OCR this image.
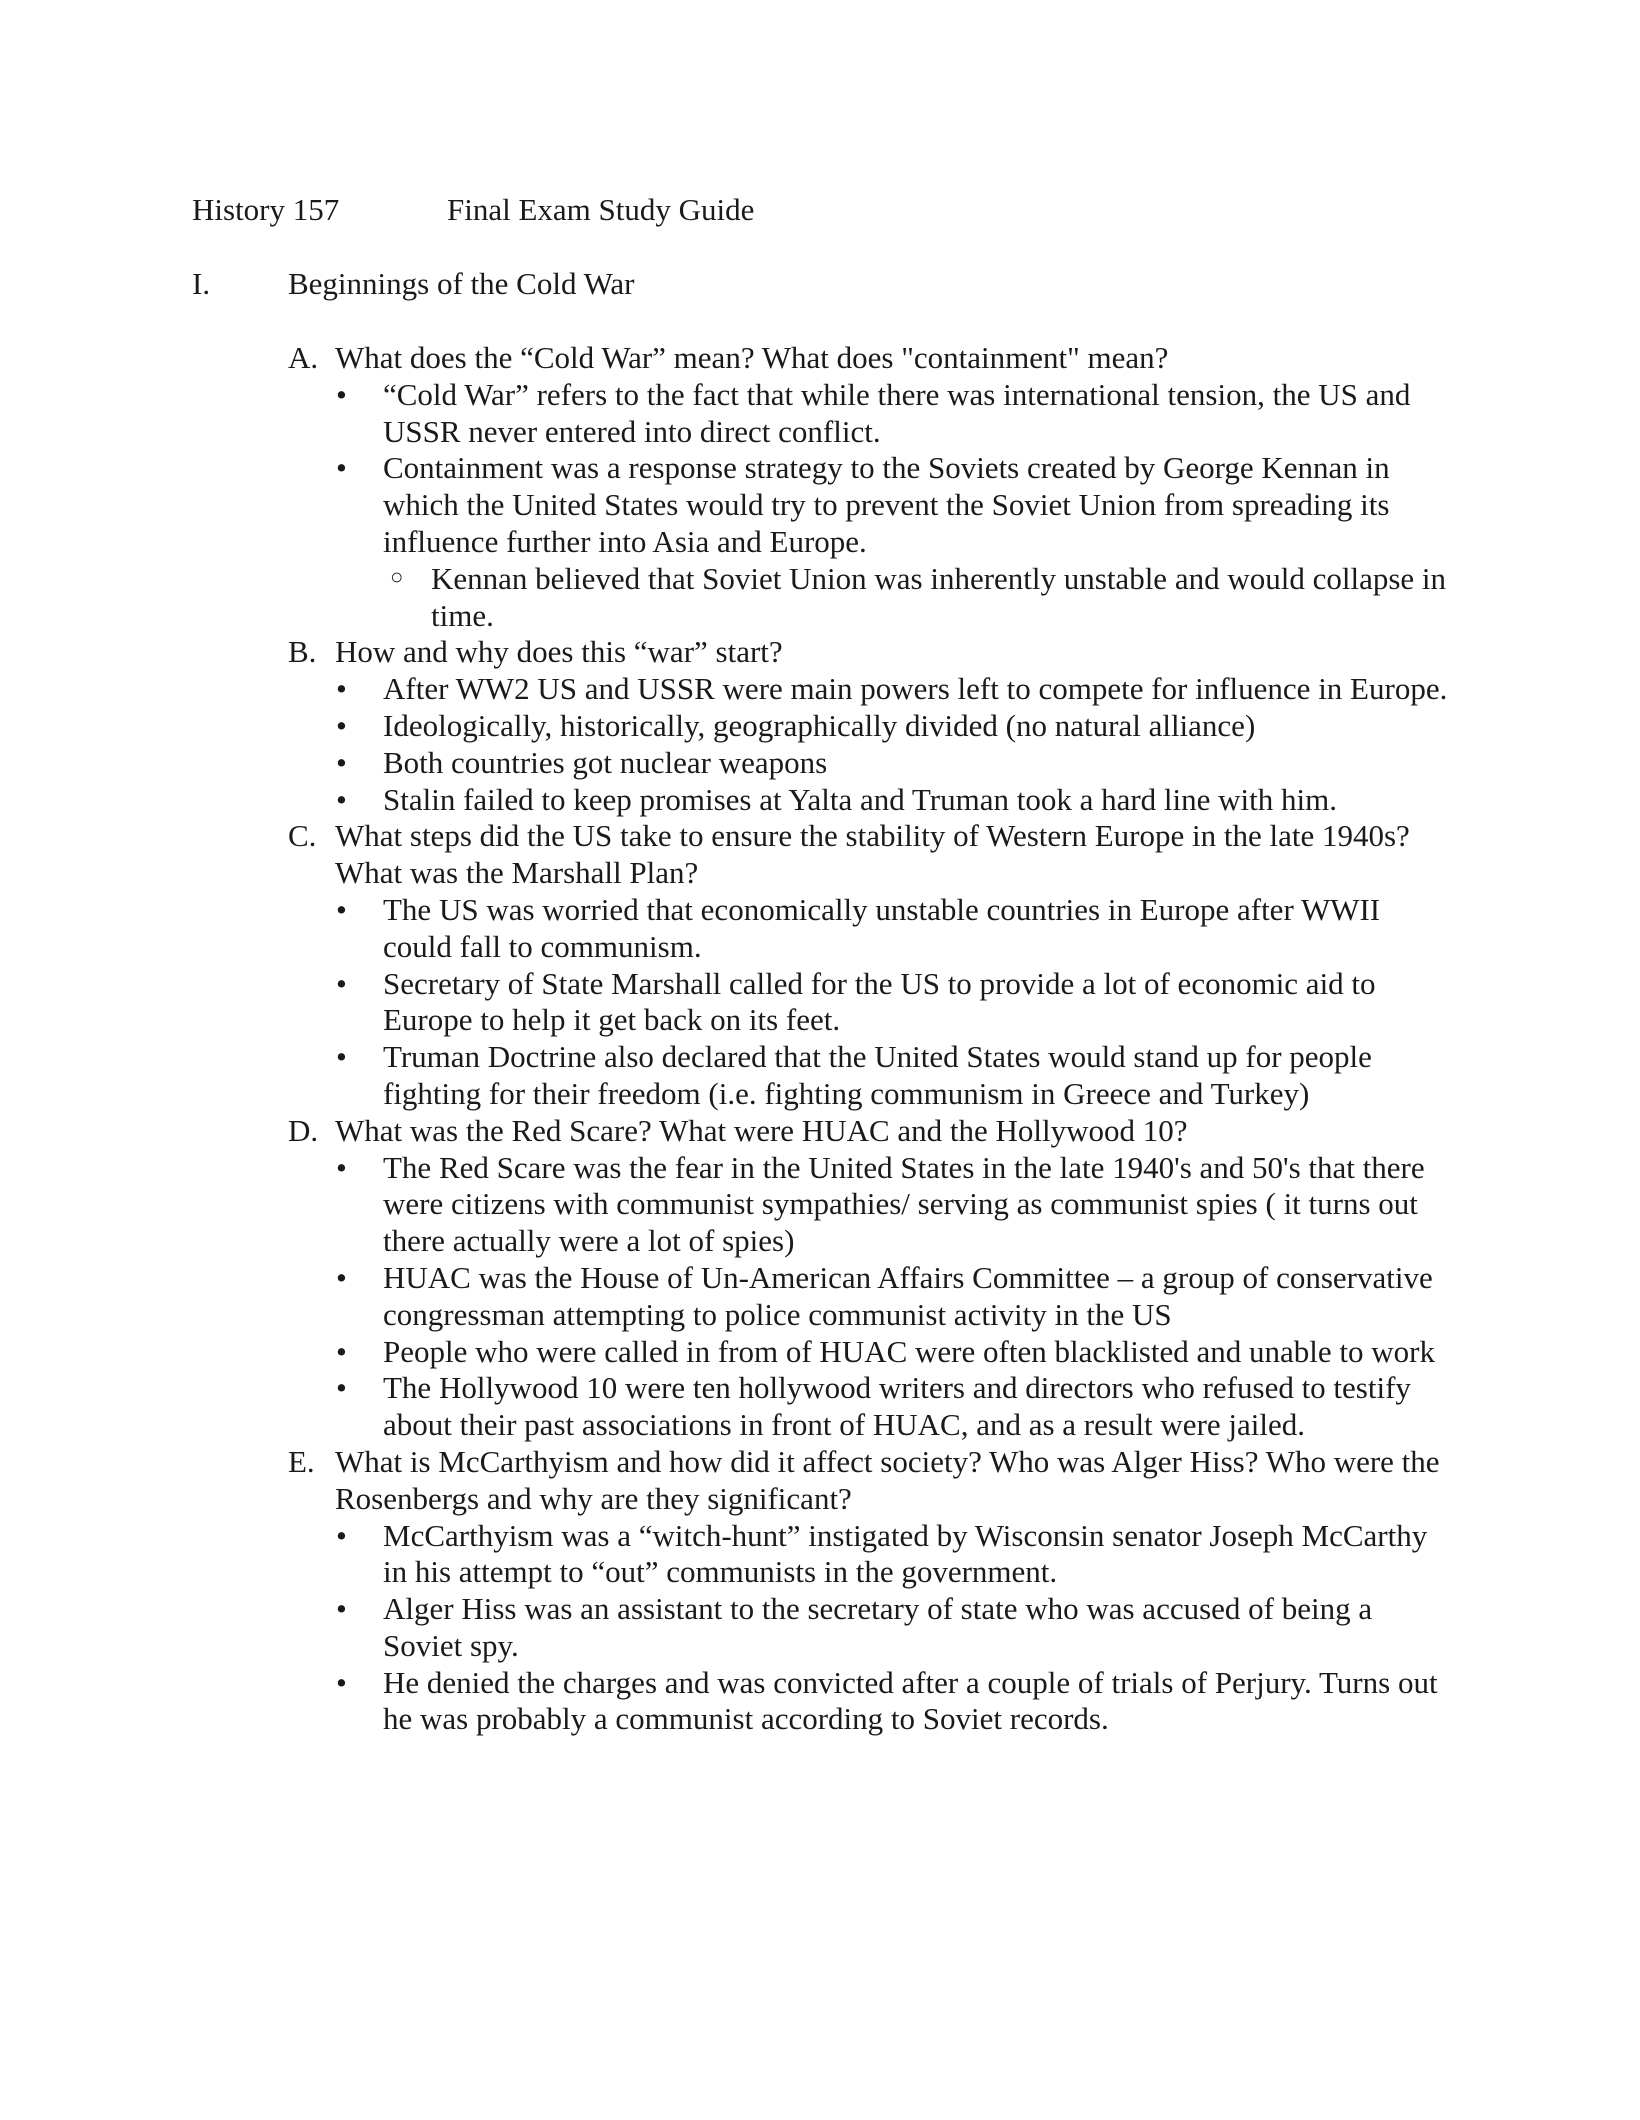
History 157	Final Exam Study Guide
I.	Beginnings of the Cold War
A. What does the “Cold War” mean? What does "containment" mean?
• “Cold War” refers to the fact that while there was international tension, the US and USSR never entered into direct conflict.
• Containment was a response strategy to the Soviets created by George Kennan in which the United States would try to prevent the Soviet Union from spreading its influence further into Asia and Europe.
○ Kennan believed that Soviet Union was inherently unstable and would collapse in time.
B. How and why does this “war” start?
• After WW2 US and USSR were main powers left to compete for influence in Europe.
• Ideologically, historically, geographically divided (no natural alliance)
• Both countries got nuclear weapons
• Stalin failed to keep promises at Yalta and Truman took a hard line with him.
C. What steps did the US take to ensure the stability of Western Europe in the late 1940s? What was the Marshall Plan?
• The US was worried that economically unstable countries in Europe after WWII could fall to communism.
• Secretary of State Marshall called for the US to provide a lot of economic aid to Europe to help it get back on its feet.
• Truman Doctrine also declared that the United States would stand up for people fighting for their freedom (i.e. fighting communism in Greece and Turkey)
D. What was the Red Scare? What were HUAC and the Hollywood 10?
• The Red Scare was the fear in the United States in the late 1940's and 50's that there were citizens with communist sympathies/ serving as communist spies ( it turns out there actually were a lot of spies)
• HUAC was the House of Un-American Affairs Committee – a group of conservative congressman attempting to police communist activity in the US
• People who were called in from of HUAC were often blacklisted and unable to work
• The Hollywood 10 were ten hollywood writers and directors who refused to testify about their past associations in front of HUAC, and as a result were jailed.
E. What is McCarthyism and how did it affect society? Who was Alger Hiss? Who were the Rosenbergs and why are they significant?
• McCarthyism was a “witch-hunt” instigated by Wisconsin senator Joseph McCarthy in his attempt to “out” communists in the government.
• Alger Hiss was an assistant to the secretary of state who was accused of being a Soviet spy.
• He denied the charges and was convicted after a couple of trials of Perjury. Turns out he was probably a communist according to Soviet records.
